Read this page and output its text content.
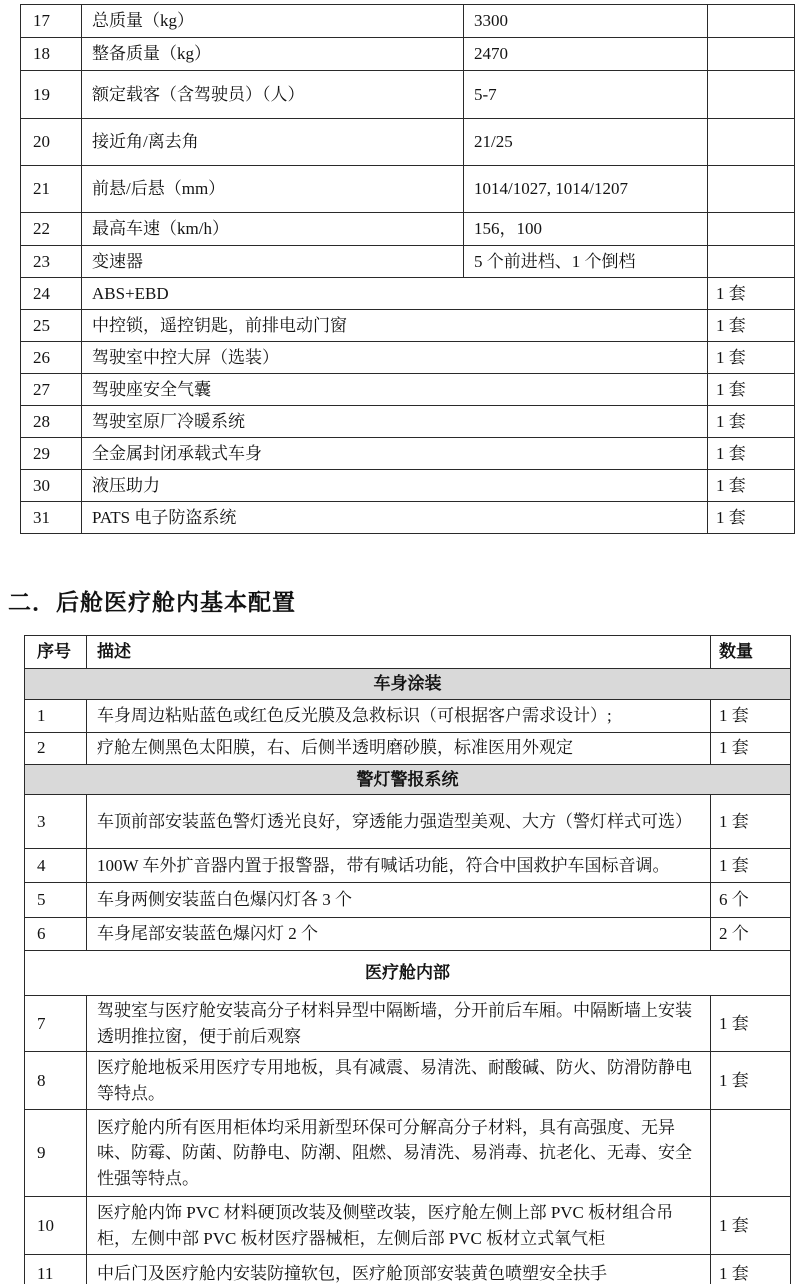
17	总质量（kg）	3300	
18	整备质量（kg）	2470	
19	额定载客（含驾驶员）（人）	5-7	
20	接近角/离去角	21/25	
21	前悬/后悬（mm）	1014/1027, 1014/1207	
22	最高车速（km/h）	156，100	
23	变速器	5 个前进档、1 个倒档	
24	ABS+EBD		1 套
25	中控锁，遥控钥匙，前排电动门窗		1 套
26	驾驶室中控大屏（选装）		1 套
27	驾驶座安全气囊		1 套
28	驾驶室原厂冷暖系统		1 套
29	全金属封闭承载式车身		1 套
30	液压助力		1 套
31	PATS 电子防盗系统		1 套
二．后舱医疗舱内基本配置
序号	描述	数量
车身涂装		
1	车身周边粘贴蓝色或红色反光膜及急救标识（可根据客户需求设计）;	1 套
2	疗舱左侧黑色太阳膜，右、后侧半透明磨砂膜，标准医用外观定	1 套
警灯警报系统		
3	车顶前部安装蓝色警灯透光良好，穿透能力强造型美观、大方（警灯样式可选）	1 套
4	100W 车外扩音器内置于报警器，带有喊话功能，符合中国救护车国标音调。	1 套
5	车身两侧安装蓝白色爆闪灯各 3 个	6 个
6	车身尾部安装蓝色爆闪灯 2 个	2 个
医疗舱内部		
7	驾驶室与医疗舱安装高分子材料异型中隔断墙，分开前后车厢。中隔断墙上安装透明推拉窗，便于前后观察	1 套
8	医疗舱地板采用医疗专用地板，具有减震、易清洗、耐酸碱、防火、防滑防静电等特点。	1 套
9	医疗舱内所有医用柜体均采用新型环保可分解高分子材料，具有高强度、无异味、防霉、防菌、防静电、防潮、阻燃、易清洗、易消毒、抗老化、无毒、安全性强等特点。	
10	医疗舱内饰 PVC 材料硬顶改装及侧壁改装，医疗舱左侧上部 PVC 板材组合吊柜，左侧中部 PVC 板材医疗器械柜，左侧后部 PVC 板材立式氧气柜	1 套
11	中后门及医疗舱内安装防撞软包，医疗舱顶部安装黄色喷塑安全扶手	1 套
